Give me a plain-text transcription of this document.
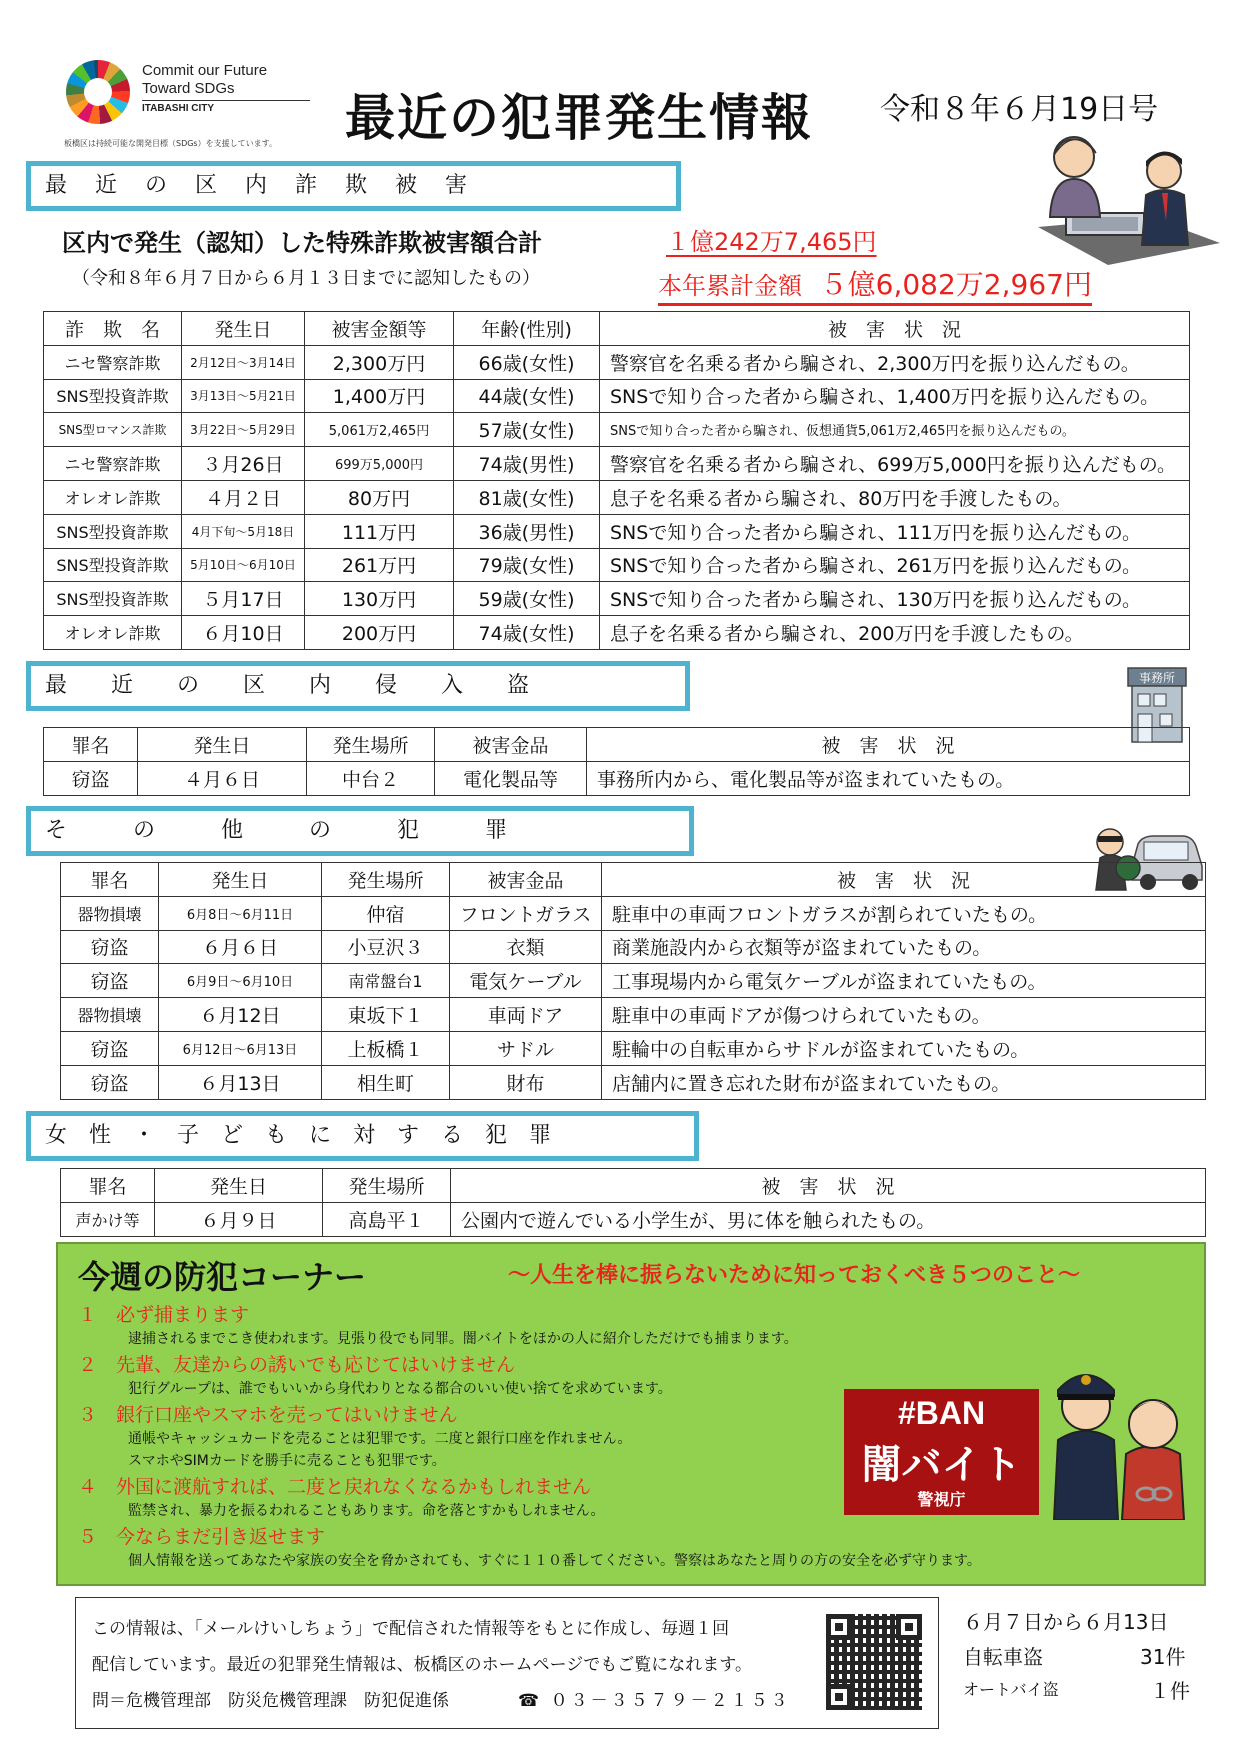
Commit our Future
Toward SDGs
ITABASHI CITY
板橋区は持続可能な開発目標（SDGs）を支援しています。 最近の犯罪発生情報 令和８年６月19日号
最　近　の　区　内　詐　欺　被　害
区内で発生（認知）した特殊詐欺被害額合計
（令和８年６月７日から６月１３日までに認知したもの）
１億242万7,465円
本年累計金額 ５億6,082万2,967円
詐　欺　名	発生日	被害金額等	年齢(性別)	被　害　状　況
ニセ警察詐欺	2月12日～3月14日	2,300万円	66歳(女性)	警察官を名乗る者から騙され、2,300万円を振り込んだもの。
SNS型投資詐欺	3月13日～5月21日	1,400万円	44歳(女性)	SNSで知り合った者から騙され、1,400万円を振り込んだもの。
SNS型ロマンス詐欺	3月22日～5月29日	5,061万2,465円	57歳(女性)	SNSで知り合った者から騙され、仮想通貨5,061万2,465円を振り込んだもの。
ニセ警察詐欺	３月26日	699万5,000円	74歳(男性)	警察官を名乗る者から騙され、699万5,000円を振り込んだもの。
オレオレ詐欺	４月２日	80万円	81歳(女性)	息子を名乗る者から騙され、80万円を手渡したもの。
SNS型投資詐欺	4月下旬～5月18日	111万円	36歳(男性)	SNSで知り合った者から騙され、111万円を振り込んだもの。
SNS型投資詐欺	5月10日～6月10日	261万円	79歳(女性)	SNSで知り合った者から騙され、261万円を振り込んだもの。
SNS型投資詐欺	５月17日	130万円	59歳(女性)	SNSで知り合った者から騙され、130万円を振り込んだもの。
オレオレ詐欺	６月10日	200万円	74歳(女性)	息子を名乗る者から騙され、200万円を手渡したもの。
最　　近　　の　　区　　内　　侵　　入　　盗	事務所
罪名	発生日	発生場所	被害金品	被　害　状　況
窃盗	４月６日	中台２	電化製品等	事務所内から、電化製品等が盗まれていたもの。
そ　　　の　　　他　　　の　　　犯　　　罪
罪名	発生日	発生場所	被害金品	被　害　状　況
器物損壊	6月8日～6月11日	仲宿	フロントガラス	駐車中の車両フロントガラスが割られていたもの。
窃盗	６月６日	小豆沢３	衣類	商業施設内から衣類等が盗まれていたもの。
窃盗	6月9日～6月10日	南常盤台1	電気ケーブル	工事現場内から電気ケーブルが盗まれていたもの。
器物損壊	６月12日	東坂下１	車両ドア	駐車中の車両ドアが傷つけられていたもの。
窃盗	6月12日～6月13日	上板橋１	サドル	駐輪中の自転車からサドルが盗まれていたもの。
窃盗	６月13日	相生町	財布	店舗内に置き忘れた財布が盗まれていたもの。
女　性　・　子　ど　も　に　対　す　る　犯　罪
罪名	発生日	発生場所	被　害　状　況
声かけ等	６月９日	高島平１	公園内で遊んでいる小学生が、男に体を触られたもの。
今週の防犯コーナー	～人生を棒に振らないために知っておくべき５つのこと～
１ 必ず捕まります
逮捕されるまでこき使われます。見張り役でも同罪。闇バイトをほかの人に紹介しただけでも捕まります。
２ 先輩、友達からの誘いでも応じてはいけません
犯行グループは、誰でもいいから身代わりとなる都合のいい使い捨てを求めています。
３ 銀行口座やスマホを売ってはいけません
通帳やキャッシュカードを売ることは犯罪です。二度と銀行口座を作れません。
スマホやSIMカードを勝手に売ることも犯罪です。
４ 外国に渡航すれば、二度と戻れなくなるかもしれません
監禁され、暴力を振るわれることもあります。命を落とすかもしれません。
５ 今ならまだ引き返せます
個人情報を送ってあなたや家族の安全を脅かされても、すぐに１１０番してください。警察はあなたと周りの方の安全を必ず守ります。
#BAN
闇バイト
警視庁
この情報は、「メールけいしちょう」で配信された情報等をもとに作成し、毎週１回
配信しています。最近の犯罪発生情報は、板橋区のホームページでもご覧になれます。
問＝危機管理部　防災危機管理課　防犯促進係	☎ ０３－３５７９－２１５３
６月７日から６月13日
自転車盗	31件
オートバイ盗	１件
